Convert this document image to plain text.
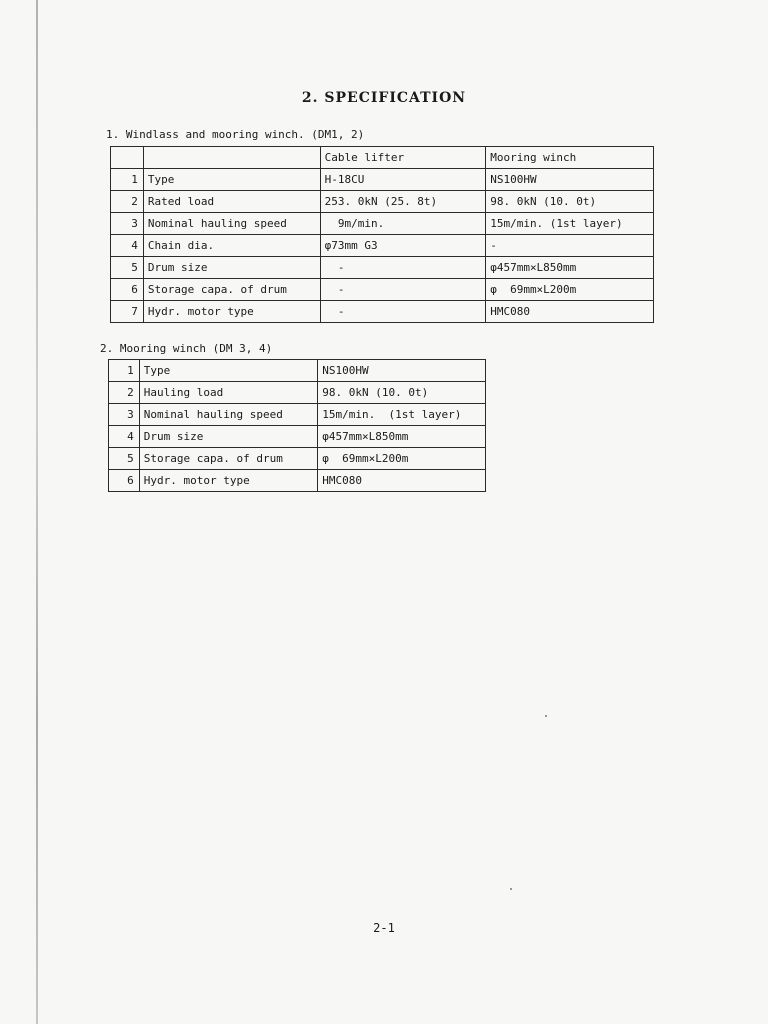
2. SPECIFICATION
1. Windlass and mooring winch. (DM1, 2)
		Cable lifter	Mooring winch
1	Type	H-18CU	NS100HW
2	Rated load	253. 0kN (25. 8t)	98. 0kN (10. 0t)
3	Nominal hauling speed	9m/min.	15m/min. (1st layer)
4	Chain dia.	φ73mm G3	-
5	Drum size	-	φ457mm×L850mm
6	Storage capa. of drum	-	φ  69mm×L200m
7	Hydr. motor type	-	HMC080
2. Mooring winch (DM 3, 4)
1	Type	NS100HW
2	Hauling load	98. 0kN (10. 0t)
3	Nominal hauling speed	15m/min.  (1st layer)
4	Drum size	φ457mm×L850mm
5	Storage capa. of drum	φ  69mm×L200m
6	Hydr. motor type	HMC080
2-1
